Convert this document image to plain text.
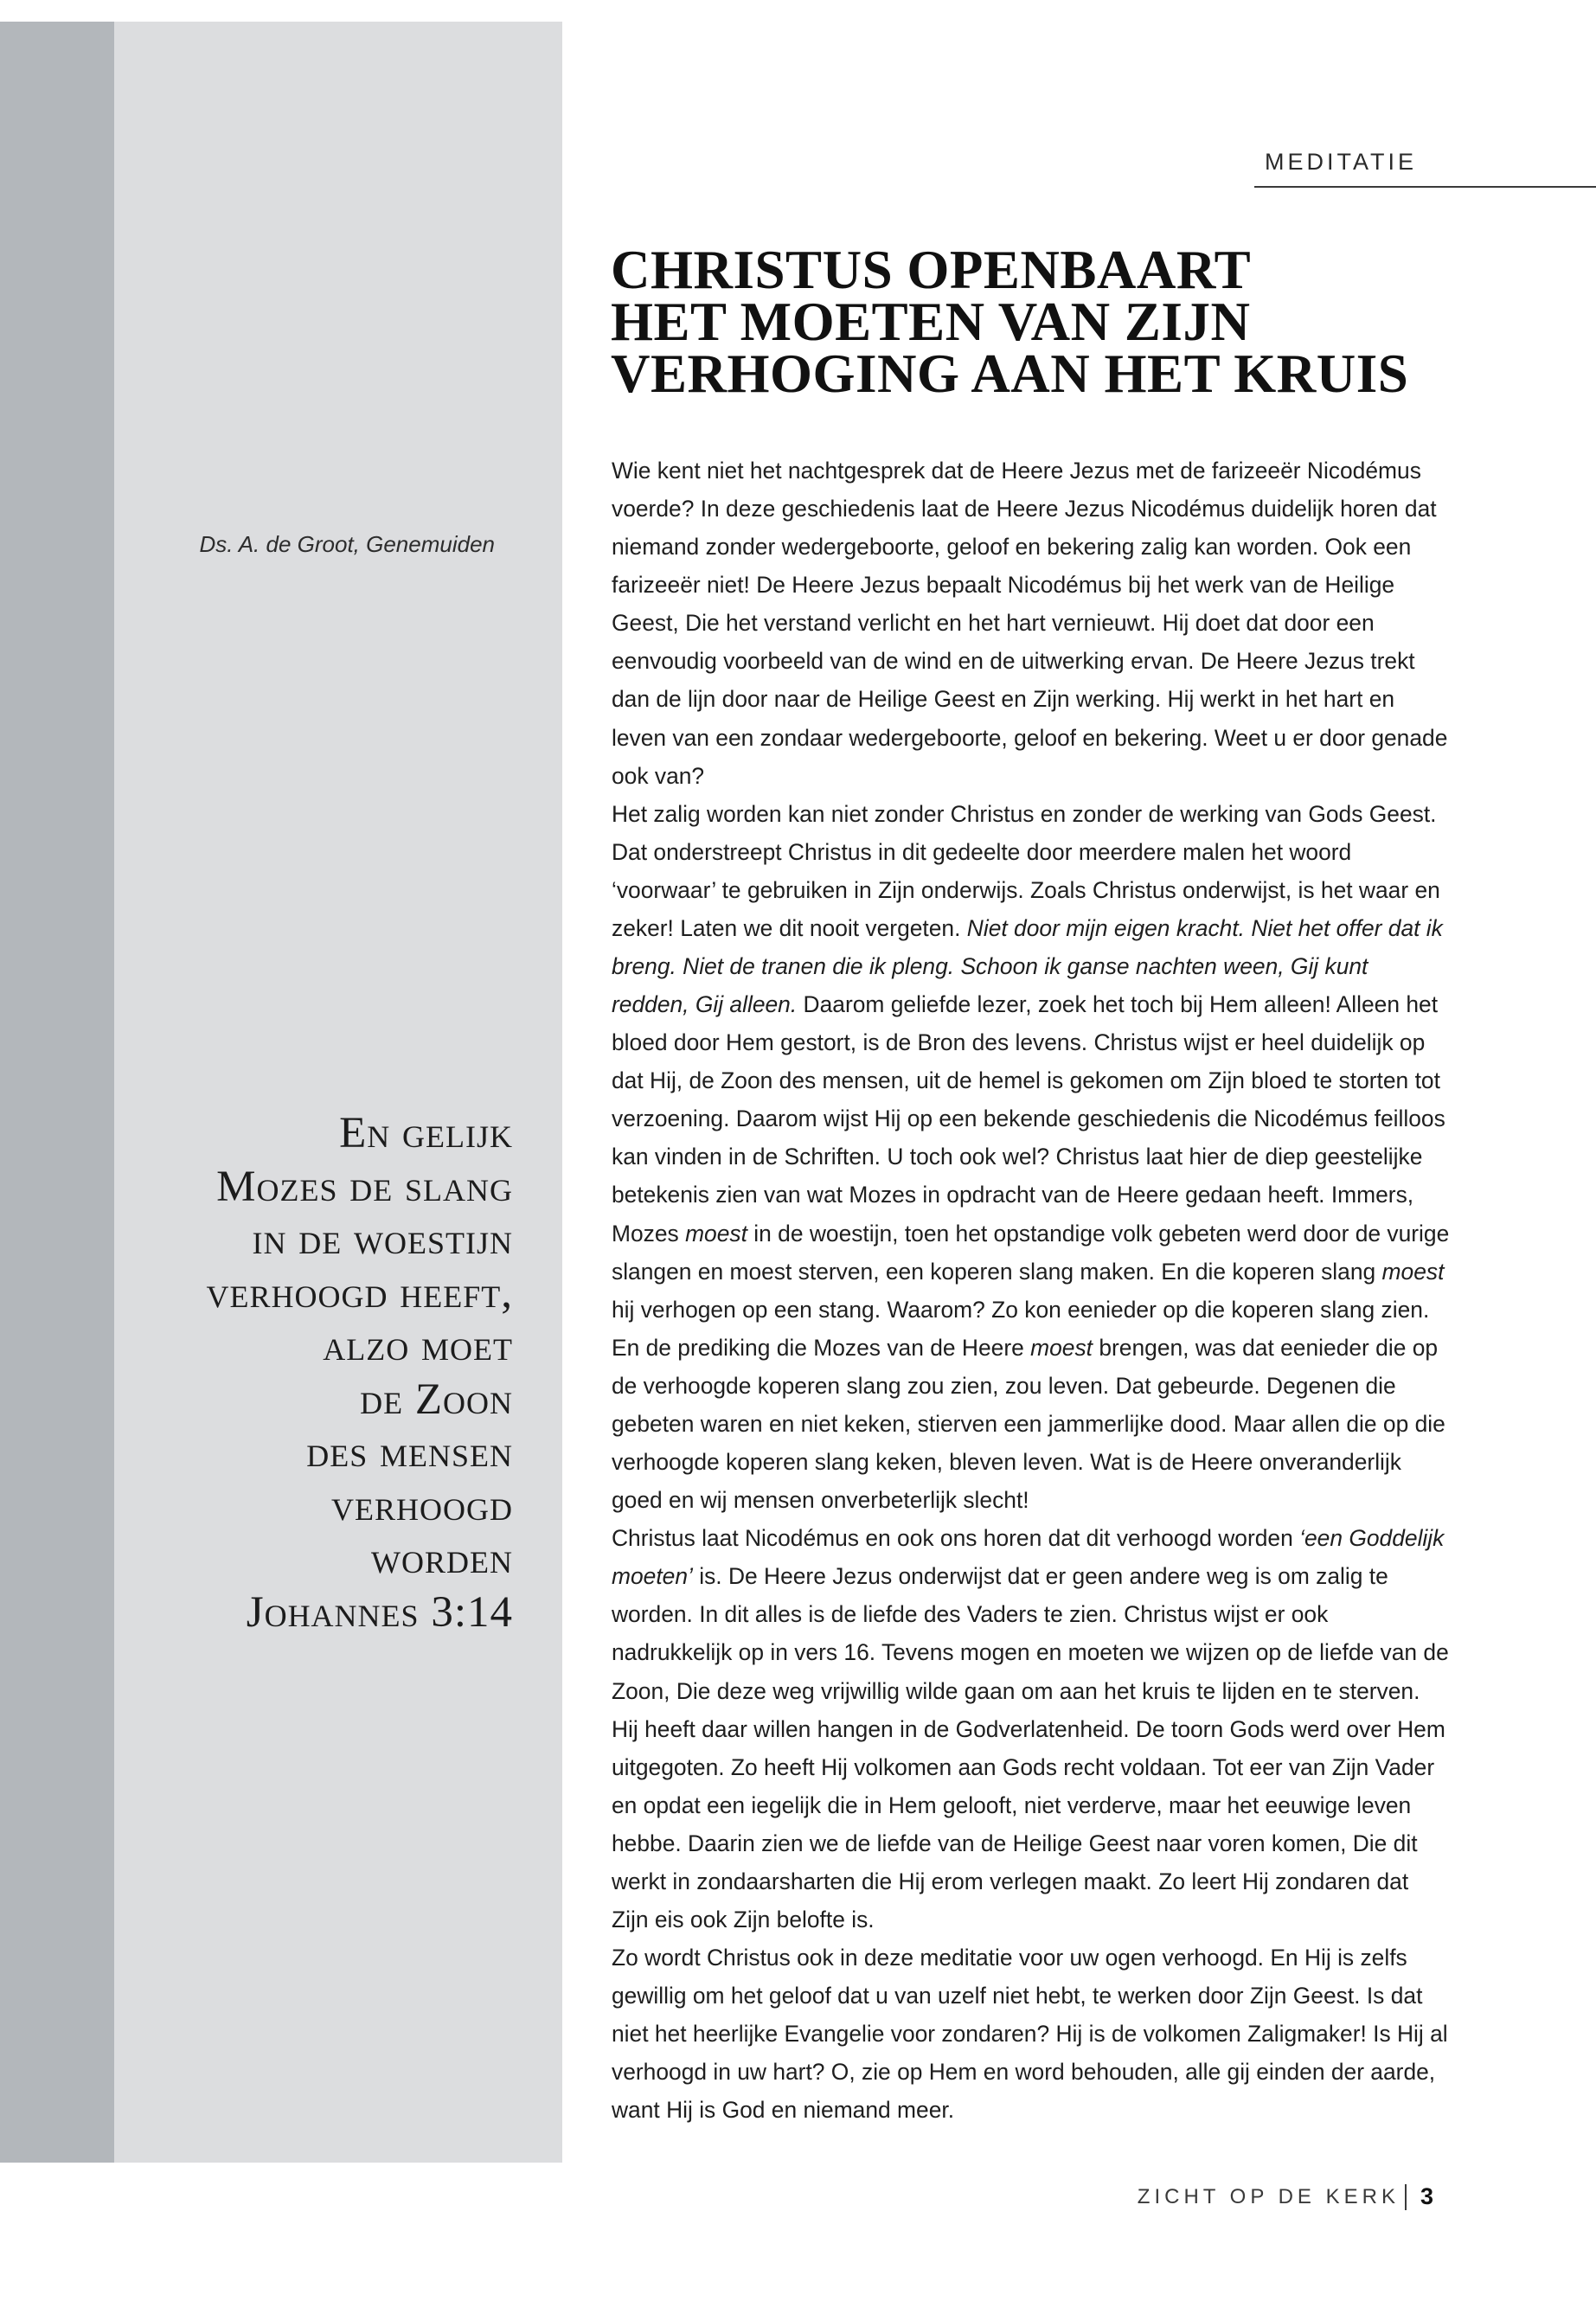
MEDITATIE
CHRISTUS OPENBAART
HET MOETEN VAN ZIJN
VERHOGING AAN HET KRUIS
Ds. A. de Groot, Genemuiden
En gelijk
Mozes de slang
in de woestijn
verhoogd heeft,
alzo moet
de Zoon
des mensen
verhoogd
worden
Johannes 3:14

Wie kent niet het nachtgesprek dat de Heere Jezus met de farizeeër Nicodémus voerde? In deze geschiedenis laat de Heere Jezus Nicodémus duidelijk horen dat niemand zonder wedergeboorte, geloof en bekering zalig kan worden. Ook een farizeeër niet! De Heere Jezus bepaalt Nicodémus bij het werk van de Heilige Geest, Die het verstand verlicht en het hart vernieuwt. Hij doet dat door een eenvoudig voorbeeld van de wind en de uitwerking ervan. De Heere Jezus trekt dan de lijn door naar de Heilige Geest en Zijn werking. Hij werkt in het hart en leven van een zondaar wedergeboorte, geloof en bekering. Weet u er door genade ook van?

Het zalig worden kan niet zonder Christus en zonder de werking van Gods Geest. Dat onderstreept Christus in dit gedeelte door meerdere malen het woord ‘voorwaar’ te gebruiken in Zijn onderwijs. Zoals Christus onderwijst, is het waar en zeker! Laten we dit nooit vergeten. Niet door mijn eigen kracht. Niet het offer dat ik breng. Niet de tranen die ik pleng. Schoon ik ganse nachten ween, Gij kunt redden, Gij alleen. Daarom geliefde lezer, zoek het toch bij Hem alleen! Alleen het bloed door Hem gestort, is de Bron des levens. Christus wijst er heel duidelijk op dat Hij, de Zoon des mensen, uit de hemel is gekomen om Zijn bloed te storten tot verzoening. Daarom wijst Hij op een bekende geschiedenis die Nicodémus feilloos kan vinden in de Schriften. U toch ook wel? Christus laat hier de diep geestelijke betekenis zien van wat Mozes in opdracht van de Heere gedaan heeft. Immers, Mozes moest in de woestijn, toen het opstandige volk gebeten werd door de vurige slangen en moest sterven, een koperen slang maken. En die koperen slang moest hij verhogen op een stang. Waarom? Zo kon eenieder op die koperen slang zien. En de prediking die Mozes van de Heere moest brengen, was dat eenieder die op de verhoogde koperen slang zou zien, zou leven. Dat gebeurde. Degenen die gebeten waren en niet keken, stierven een jammerlijke dood. Maar allen die op die verhoogde koperen slang keken, bleven leven. Wat is de Heere onveranderlijk goed en wij mensen onverbeterlijk slecht!

Christus laat Nicodémus en ook ons horen dat dit verhoogd worden ‘een Goddelijk moeten’ is. De Heere Jezus onderwijst dat er geen andere weg is om zalig te worden. In dit alles is de liefde des Vaders te zien. Christus wijst er ook nadrukkelijk op in vers 16. Tevens mogen en moeten we wijzen op de liefde van de Zoon, Die deze weg vrijwillig wilde gaan om aan het kruis te lijden en te sterven. Hij heeft daar willen hangen in de Godverlatenheid. De toorn Gods werd over Hem uitgegoten. Zo heeft Hij volkomen aan Gods recht voldaan. Tot eer van Zijn Vader en opdat een iegelijk die in Hem gelooft, niet verderve, maar het eeuwige leven hebbe. Daarin zien we de liefde van de Heilige Geest naar voren komen, Die dit werkt in zondaarsharten die Hij erom verlegen maakt. Zo leert Hij zondaren dat Zijn eis ook Zijn belofte is.

Zo wordt Christus ook in deze meditatie voor uw ogen verhoogd. En Hij is zelfs gewillig om het geloof dat u van uzelf niet hebt, te werken door Zijn Geest. Is dat niet het heerlijke Evangelie voor zondaren? Hij is de volkomen Zaligmaker! Is Hij al verhoogd in uw hart? O, zie op Hem en word behouden, alle gij einden der aarde, want Hij is God en niemand meer.

ZICHT OP DE KERK 3
